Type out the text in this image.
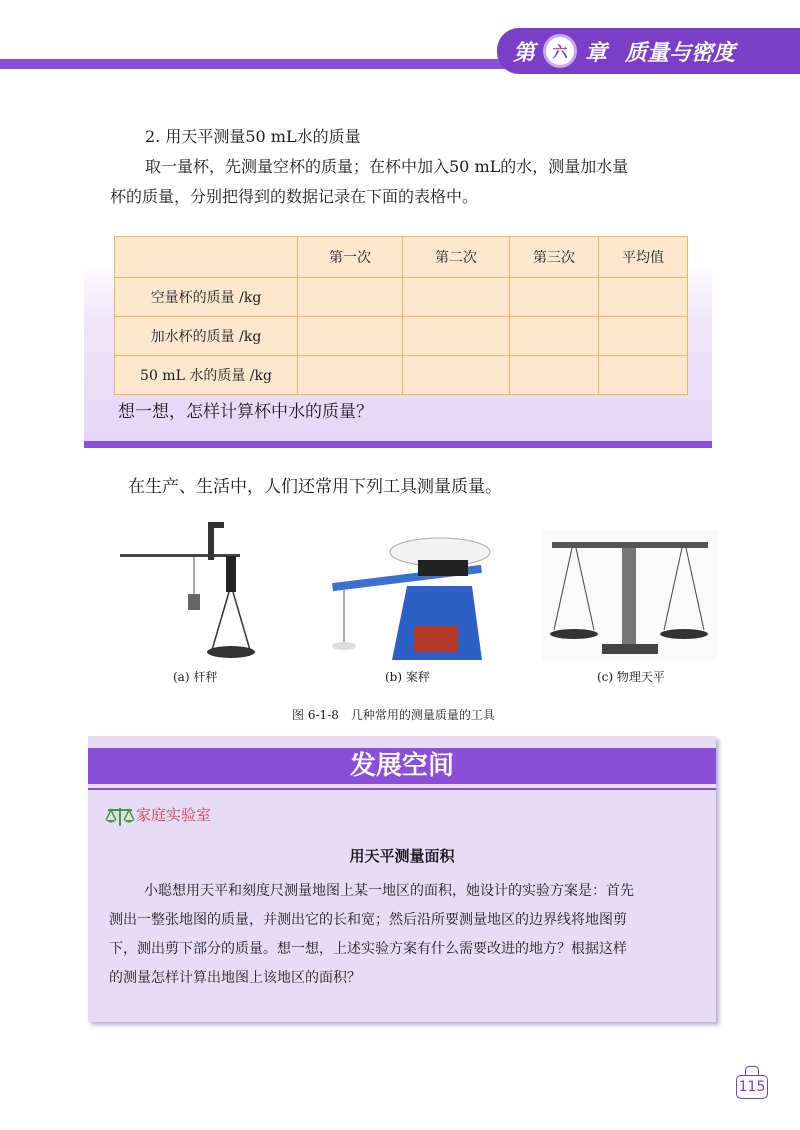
第	六 章 质量与密度
2. 用天平测量50 mL水的质量
取一量杯，先测量空杯的质量；在杯中加入50 mL的水，测量加水量
杯的质量，分别把得到的数据记录在下面的表格中。
	第一次	第二次	第三次	平均值
空量杯的质量 /kg				
加水杯的质量 /kg				
50 mL 水的质量 /kg				
想一想，怎样计算杯中水的质量？
在生产、生活中，人们还常用下列工具测量质量。
(a) 杆秤	(b) 案秤	(c) 物理天平
图 6-1-8　几种常用的测量质量的工具
发展空间
家庭实验室
用天平测量面积
小聪想用天平和刻度尺测量地图上某一地区的面积，她设计的实验方案是：首先
测出一整张地图的质量，并测出它的长和宽；然后沿所要测量地区的边界线将地图剪
下，测出剪下部分的质量。想一想，上述实验方案有什么需要改进的地方？根据这样
的测量怎样计算出地图上该地区的面积？
115
